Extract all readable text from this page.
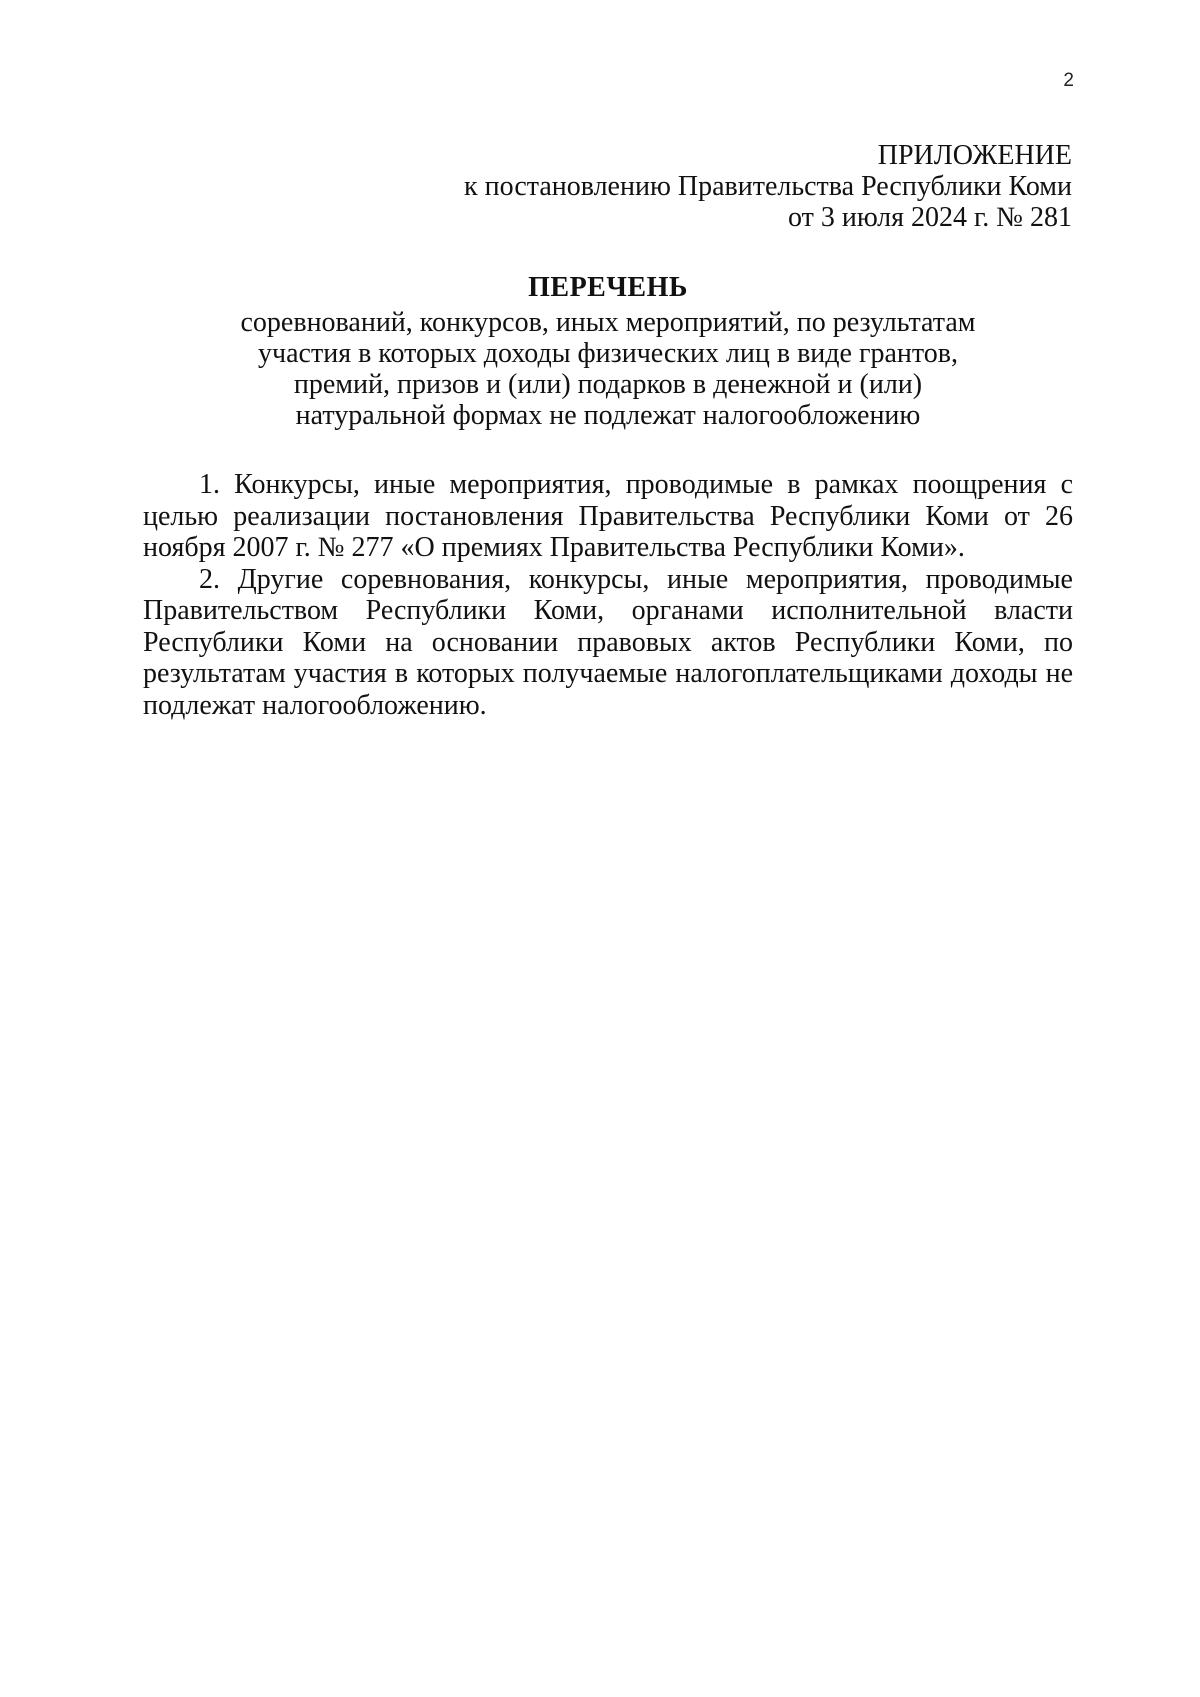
2
ПРИЛОЖЕНИЕ
к постановлению Правительства Республики Коми
от 3 июля 2024 г. № 281
ПЕРЕЧЕНЬ
соревнований, конкурсов, иных мероприятий, по результатам
участия в которых доходы физических лиц в виде грантов,
премий, призов и (или) подарков в денежной и (или)
натуральной формах не подлежат налогообложению

1. Конкурсы, иные мероприятия, проводимые в рамках поощрения с целью реализации постановления Правительства Республики Коми от 26 ноября 2007 г. № 277 «О премиях Правительства Республики Коми».

2. Другие соревнования, конкурсы, иные мероприятия, проводимые Правительством Республики Коми, органами исполнительной власти Республики Коми на основании правовых актов Республики Коми, по результатам участия в которых получаемые налогоплательщиками доходы не подлежат налогообложению.
